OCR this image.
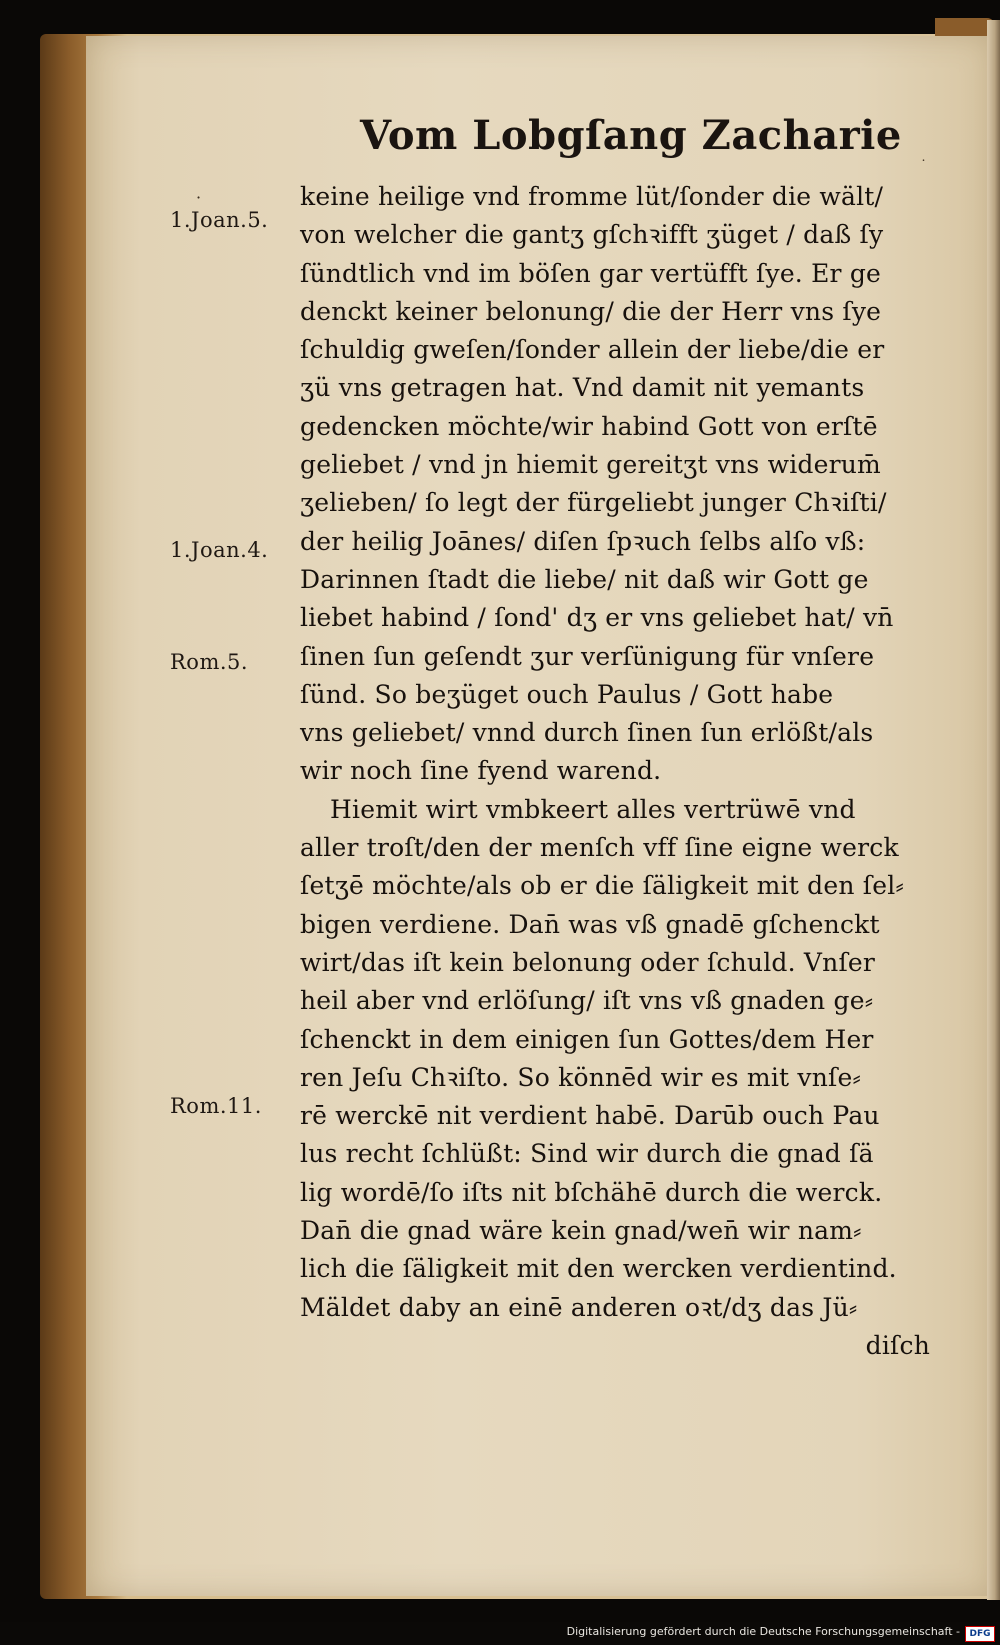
Vom Lobgſang Zacharie
˙
·
1.Joan.5.
1.Joan.4.
Rom.5.
Rom.11.
keine heilige vnd fromme lüt/ſonder die wält/
von welcher die gantʒ gſchꝛifft ʒüget / daß ſy
ſündtlich vnd im böſen gar vertüfft ſye. Er ge
denckt keiner belonung/ die der Herr vns ſye
ſchuldig gweſen/ſonder allein der liebe/die er
ʒü vns getragen hat. Vnd damit nit yemants
gedencken möchte/wir habind Gott von erſtē
geliebet / vnd jn hiemit gereitʒt vns widerum̄
ʒelieben/ ſo legt der fürgeliebt junger Chꝛiſti/
der heilig Joānes/ diſen ſpꝛuch ſelbs alſo vß:
Darinnen ſtadt die liebe/ nit daß wir Gott ge
liebet habind / ſond' dʒ er vns geliebet hat/ vn̄
ſinen ſun geſendt ʒur verſünigung für vnſere
ſünd. So beʒüget ouch Paulus / Gott habe
vns geliebet/ vnnd durch ſinen ſun erlößt/als
wir noch ſine fyend warend.
Hiemit wirt vmbkeert alles vertrüwē vnd
aller troſt/den der menſch vff ſine eigne werck
ſetʒē möchte/als ob er die ſäligkeit mit den ſel⸗
bigen verdiene. Dan̄ was vß gnadē gſchenckt
wirt/das iſt kein belonung oder ſchuld. Vnſer
heil aber vnd erlöſung/ iſt vns vß gnaden ge⸗
ſchenckt in dem einigen ſun Gottes/dem Her
ren Jeſu Chꝛiſto. So könnēd wir es mit vnſe⸗
rē werckē nit verdient habē. Darūb ouch Pau
lus recht ſchlüßt: Sind wir durch die gnad ſä
lig wordē/ſo iſts nit bſchähē durch die werck.
Dan̄ die gnad wäre kein gnad/wen̄ wir nam⸗
lich die ſäligkeit mit den wercken verdientind.
Mäldet daby an einē anderen oꝛt/dʒ das Jü⸗
diſch
Digitalisierung gefördert durch die Deutsche Forschungsgemeinschaft -	DFG
